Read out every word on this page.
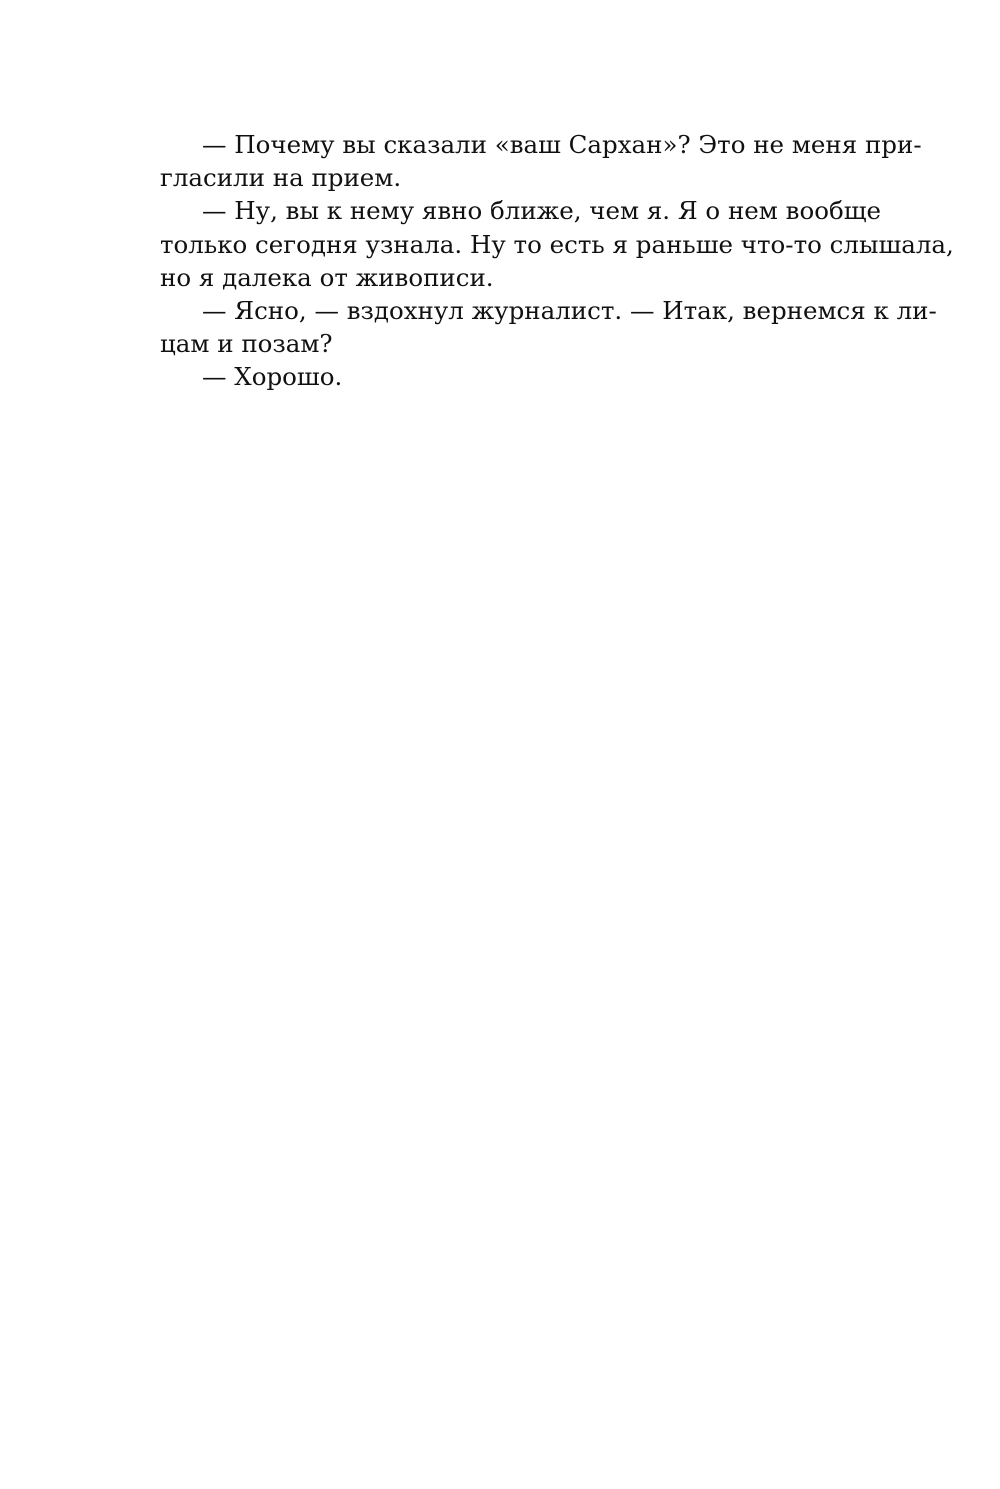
— Почему вы сказали «ваш Сархан»? Это не меня при-
гласили на прием.
— Ну, вы к нему явно ближе, чем я. Я о нем вообще
только сегодня узнала. Ну то есть я раньше что-то слышала,
но я далека от живописи.
— Ясно, — вздохнул журналист. — Итак, вернемся к ли-
цам и позам?
— Хорошо.
